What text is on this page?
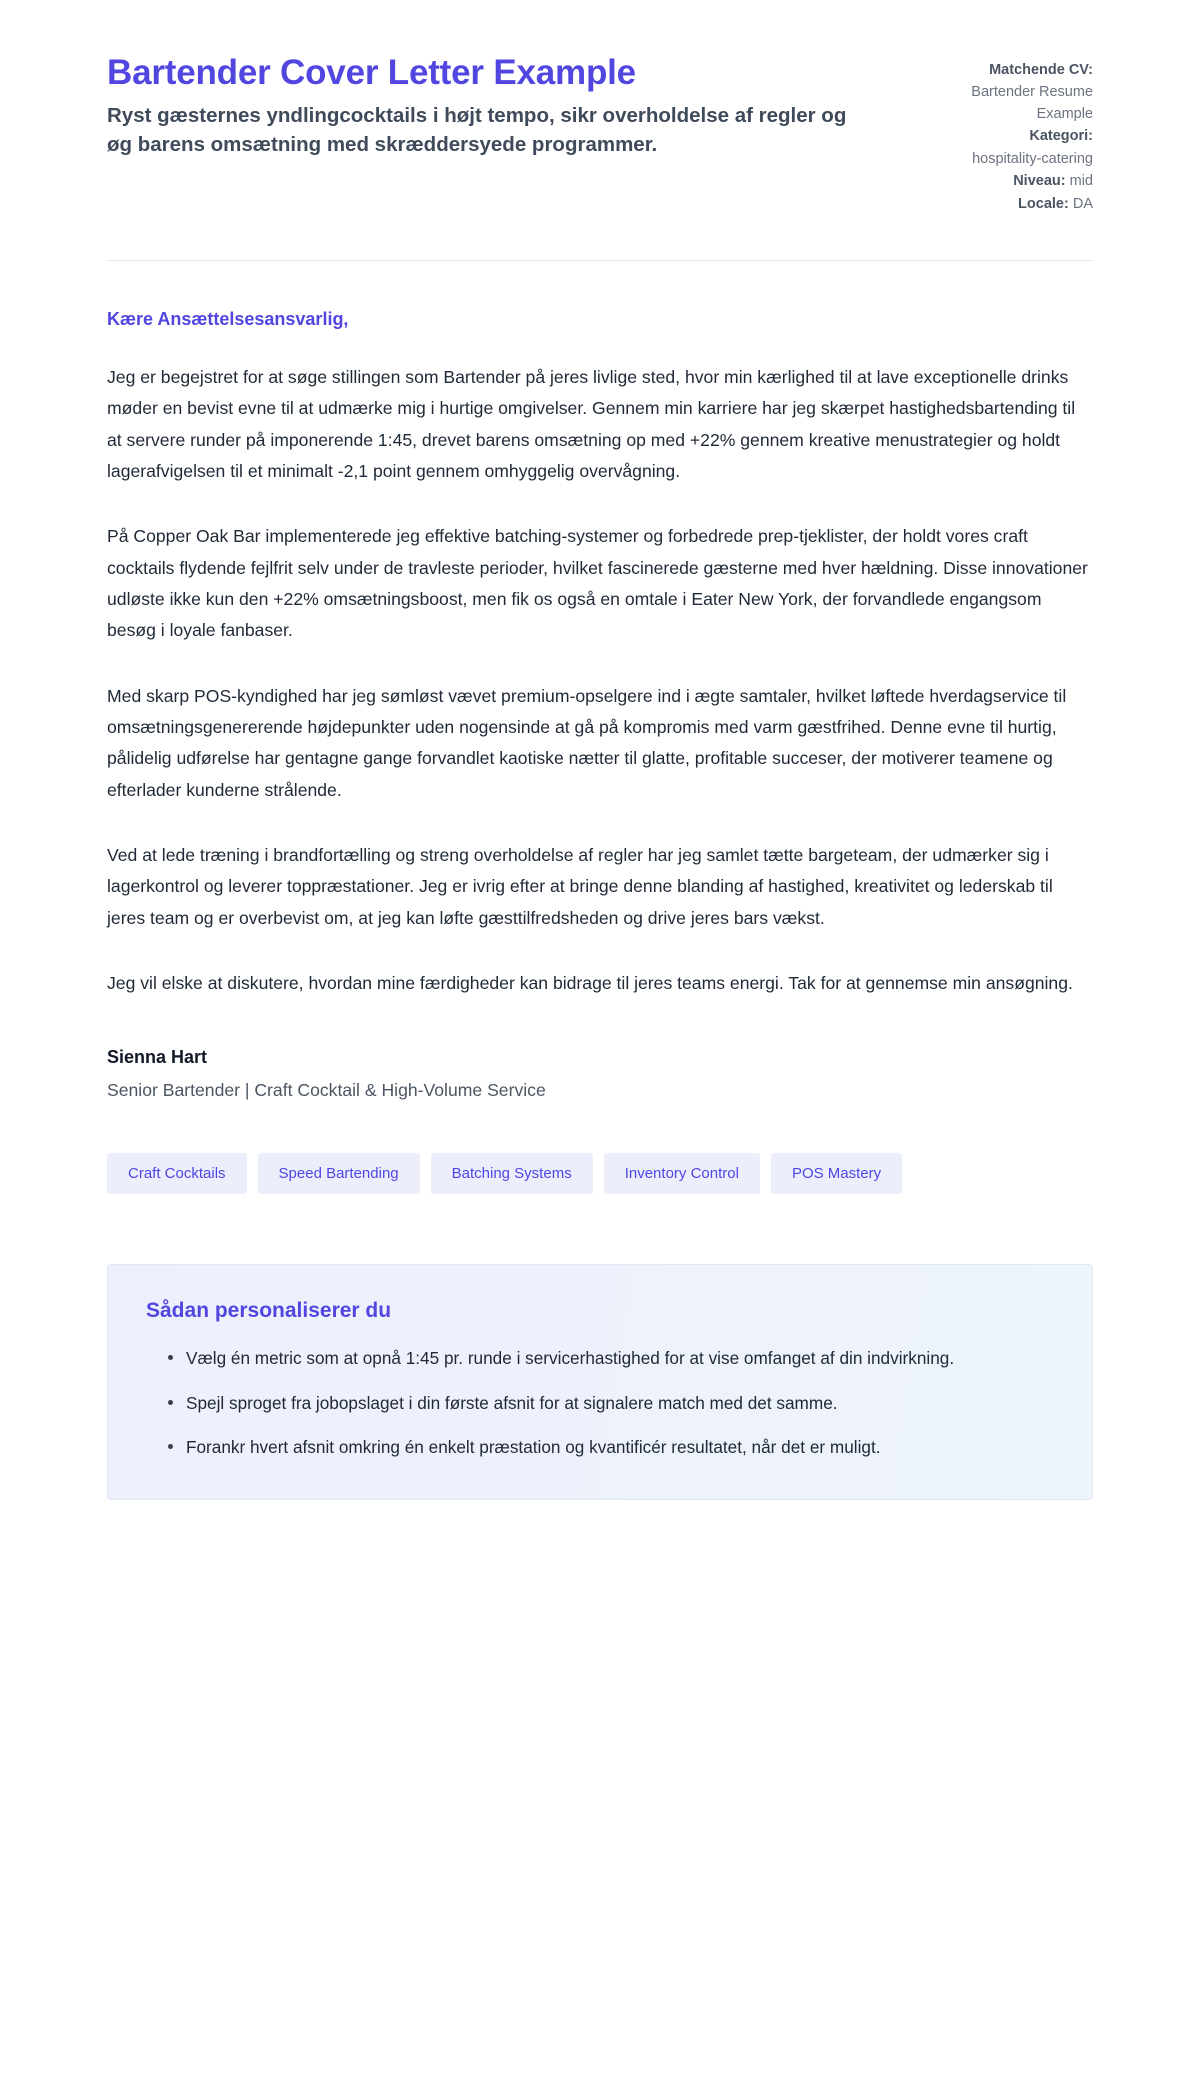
Bartender Cover Letter Example

Ryst gæsternes yndlingcocktails i højt tempo, sikr overholdelse af regler og øg barens omsætning med skræddersyede programmer.

Matchende CV:
Bartender Resume Example
Kategori:
hospitality-catering
Niveau: mid
Locale: DA

Kære Ansættelsesansvarlig,

Jeg er begejstret for at søge stillingen som Bartender på jeres livlige sted, hvor min kærlighed til at lave exceptionelle drinks møder en bevist evne til at udmærke mig i hurtige omgivelser. Gennem min karriere har jeg skærpet hastighedsbartending til at servere runder på imponerende 1:45, drevet barens omsætning op med +22% gennem kreative menustrategier og holdt lagerafvigelsen til et minimalt -2,1 point gennem omhyggelig overvågning.

På Copper Oak Bar implementerede jeg effektive batching-systemer og forbedrede prep-tjeklister, der holdt vores craft cocktails flydende fejlfrit selv under de travleste perioder, hvilket fascinerede gæsterne med hver hældning. Disse innovationer udløste ikke kun den +22% omsætningsboost, men fik os også en omtale i Eater New York, der forvandlede engangsom besøg i loyale fanbaser.

Med skarp POS-kyndighed har jeg sømløst vævet premium-opselgere ind i ægte samtaler, hvilket løftede hverdagservice til omsætningsgenererende højdepunkter uden nogensinde at gå på kompromis med varm gæstfrihed. Denne evne til hurtig, pålidelig udførelse har gentagne gange forvandlet kaotiske nætter til glatte, profitable succeser, der motiverer teamene og efterlader kunderne strålende.

Ved at lede træning i brandfortælling og streng overholdelse af regler har jeg samlet tætte bargeteam, der udmærker sig i lagerkontrol og leverer toppræstationer. Jeg er ivrig efter at bringe denne blanding af hastighed, kreativitet og lederskab til jeres team og er overbevist om, at jeg kan løfte gæsttilfredsheden og drive jeres bars vækst.

Jeg vil elske at diskutere, hvordan mine færdigheder kan bidrage til jeres teams energi. Tak for at gennemse min ansøgning.

Sienna Hart

Senior Bartender | Craft Cocktail & High-Volume Service

Craft Cocktails	Speed Bartending	Batching Systems	Inventory Control	POS Mastery
Sådan personaliserer du
Vælg én metric som at opnå 1:45 pr. runde i servicerhastighed for at vise omfanget af din indvirkning.
Spejl sproget fra jobopslaget i din første afsnit for at signalere match med det samme.
Forankr hvert afsnit omkring én enkelt præstation og kvantificér resultatet, når det er muligt.
